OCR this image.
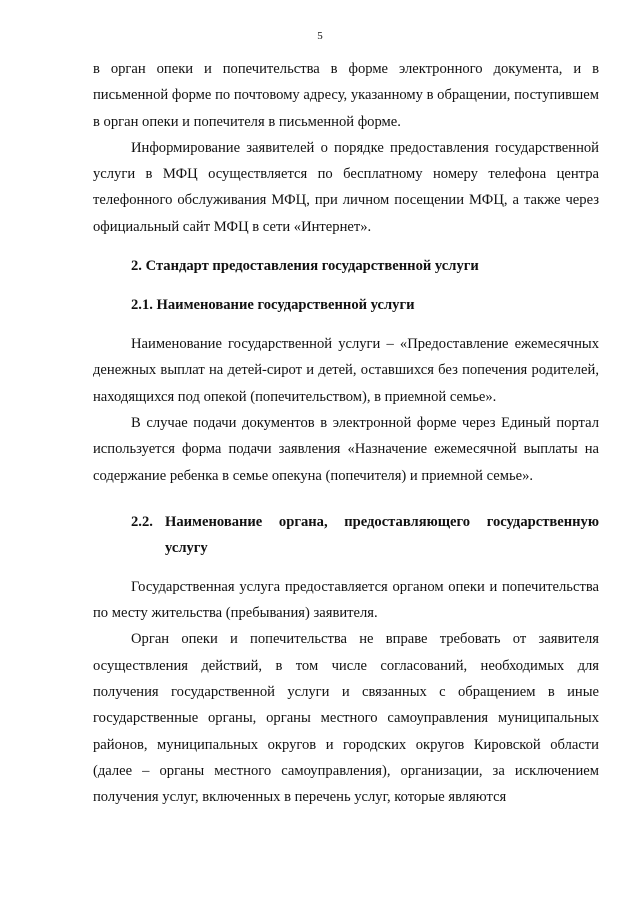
5

в орган опеки и попечительства в форме электронного документа, и в письменной форме по почтовому адресу, указанному в обращении, поступившем в орган опеки и попечителя в письменной форме.

Информирование заявителей о порядке предоставления государственной услуги в МФЦ осуществляется по бесплатному номеру телефона центра телефонного обслуживания МФЦ, при личном посещении МФЦ, а также через официальный сайт МФЦ в сети «Интернет».

2. Стандарт предоставления государственной услуги

2.1. Наименование государственной услуги

Наименование государственной услуги – «Предоставление ежемесячных денежных выплат на детей-сирот и детей, оставшихся без попечения родителей, находящихся под опекой (попечительством), в приемной семье».

В случае подачи документов в электронной форме через Единый портал используется форма подачи заявления «Назначение ежемесячной выплаты на содержание ребенка в семье опекуна (попечителя) и приемной семье».

2.2. Наименование органа, предоставляющего государственную услугу

Государственная услуга предоставляется органом опеки и попечительства по месту жительства (пребывания) заявителя.

Орган опеки и попечительства не вправе требовать от заявителя осуществления действий, в том числе согласований, необходимых для получения государственной услуги и связанных с обращением в иные государственные органы, органы местного самоуправления муниципальных районов, муниципальных округов и городских округов Кировской области (далее – органы местного самоуправления), организации, за исключением получения услуг, включенных в перечень услуг, которые являются
